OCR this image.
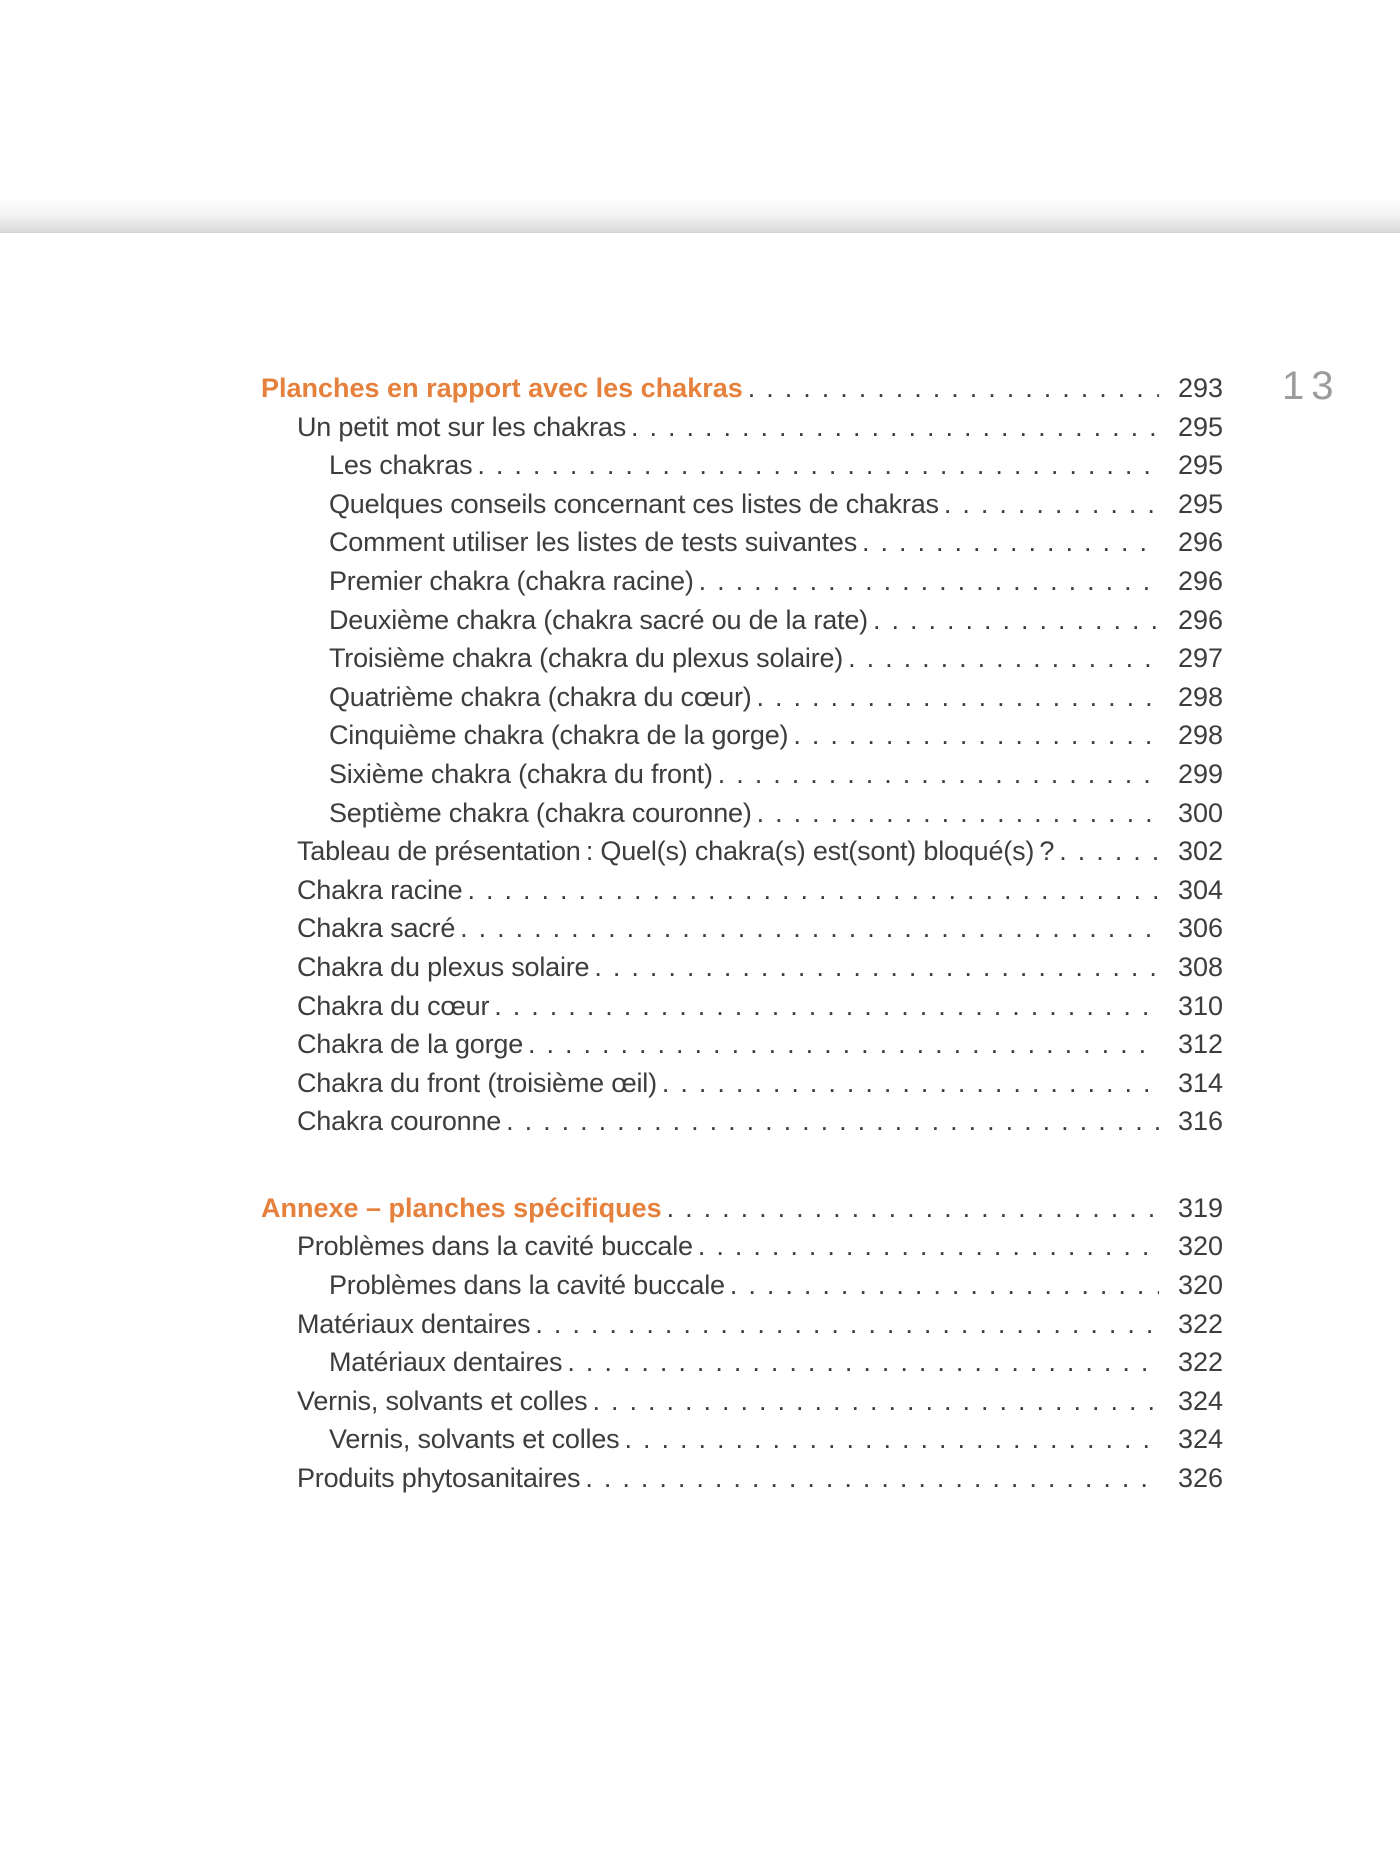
13
Planches en rapport avec les chakras .....	293
Un petit mot sur les chakras .....	295
Les chakras .....	295
Quelques conseils concernant ces listes de chakras .....	295
Comment utiliser les listes de tests suivantes .....	296
Premier chakra (chakra racine) .....	296
Deuxième chakra (chakra sacré ou de la rate) .....	296
Troisième chakra (chakra du plexus solaire) .....	297
Quatrième chakra (chakra du cœur) .....	298
Cinquième chakra (chakra de la gorge) .....	298
Sixième chakra (chakra du front) .....	299
Septième chakra (chakra couronne) .....	300
Tableau de présentation : Quel(s) chakra(s) est(sont) bloqué(s) ? .....	302
Chakra racine .....	304
Chakra sacré .....	306
Chakra du plexus solaire .....	308
Chakra du cœur .....	310
Chakra de la gorge .....	312
Chakra du front (troisième œil) .....	314
Chakra couronne .....	316
Annexe – planches spécifiques .....	319
Problèmes dans la cavité buccale .....	320
Problèmes dans la cavité buccale .....	320
Matériaux dentaires .....	322
Matériaux dentaires .....	322
Vernis, solvants et colles .....	324
Vernis, solvants et colles .....	324
Produits phytosanitaires .....	326
